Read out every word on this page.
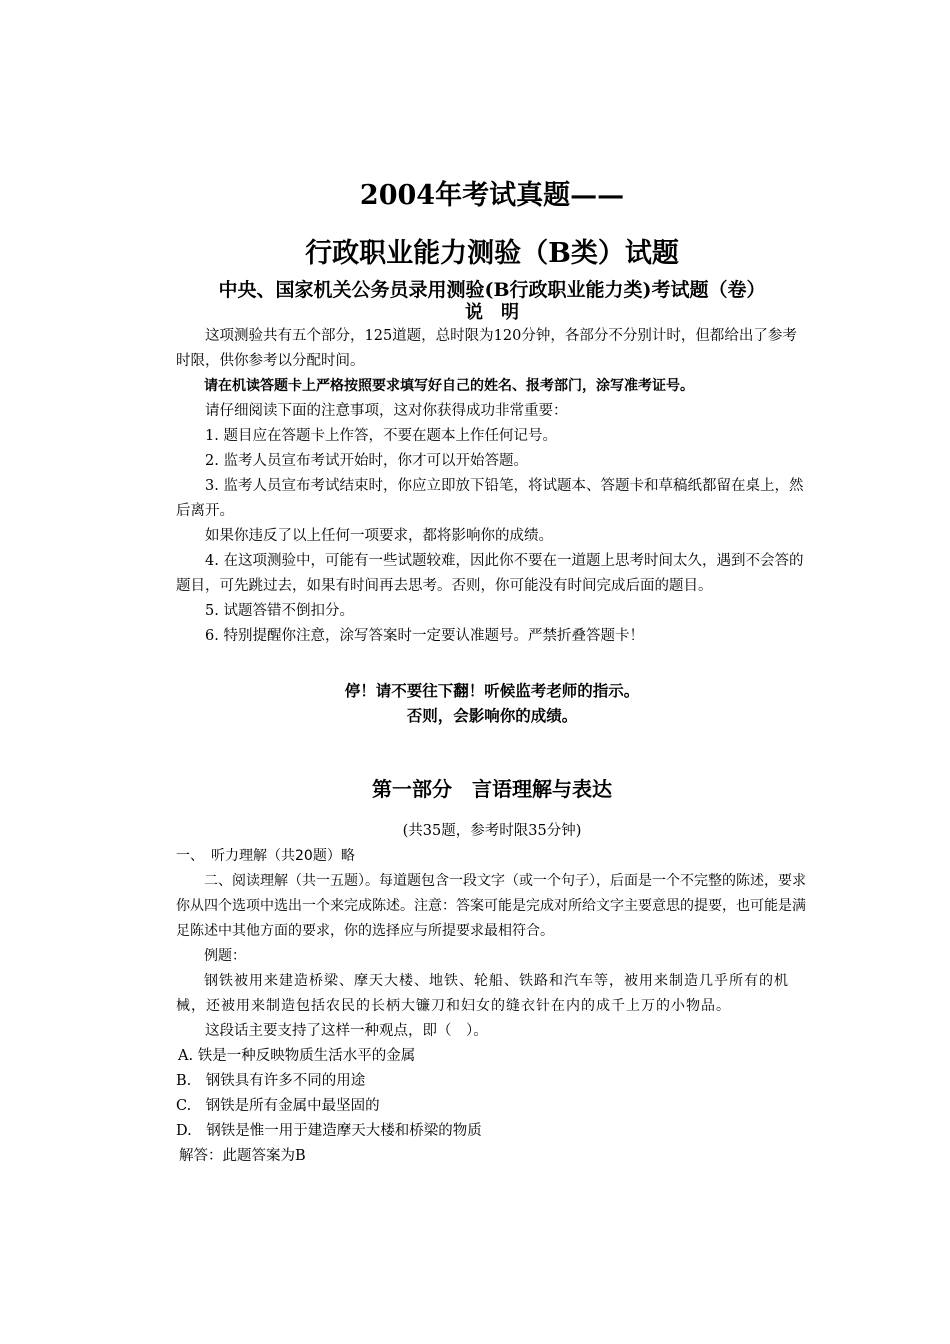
2004年考试真题——
行政职业能力测验（B类）试题
中央、国家机关公务员录用测验(B行政职业能力类)考试题（卷）
说　明

这项测验共有五个部分，125道题，总时限为120分钟，各部分不分别计时，但都给出了参考时限，供你参考以分配时间。

请在机读答题卡上严格按照要求填写好自己的姓名、报考部门，涂写准考证号。

请仔细阅读下面的注意事项，这对你获得成功非常重要：

1. 题目应在答题卡上作答，不要在题本上作任何记号。

2. 监考人员宣布考试开始时，你才可以开始答题。

3. 监考人员宣布考试结束时，你应立即放下铅笔，将试题本、答题卡和草稿纸都留在桌上，然后离开。

如果你违反了以上任何一项要求，都将影响你的成绩。

4. 在这项测验中，可能有一些试题较难，因此你不要在一道题上思考时间太久，遇到不会答的题目，可先跳过去，如果有时间再去思考。否则，你可能没有时间完成后面的题目。

5. 试题答错不倒扣分。

6. 特别提醒你注意，涂写答案时一定要认准题号。严禁折叠答题卡！

停！请不要往下翻！听候监考老师的指示。

否则，会影响你的成绩。

第一部分　言语理解与表达

(共35题，参考时限35分钟)

一、　听力理解（共20题）略

二、阅读理解（共一五题）。每道题包含一段文字（或一个句子），后面是一个不完整的陈述，要求你从四个选项中选出一个来完成陈述。注意：答案可能是完成对所给文字主要意思的提要，也可能是满足陈述中其他方面的要求，你的选择应与所提要求最相符合。

例题：

钢铁被用来建造桥梁、摩天大楼、地铁、轮船、铁路和汽车等，被用来制造几乎所有的机械，还被用来制造包括农民的长柄大镰刀和妇女的缝衣针在内的成千上万的小物品。

这段话主要支持了这样一种观点，即（　）。

A. 铁是一种反映物质生活水平的金属

B.　钢铁具有许多不同的用途

C.　钢铁是所有金属中最坚固的

D.　钢铁是惟一用于建造摩天大楼和桥梁的物质

解答：此题答案为B
